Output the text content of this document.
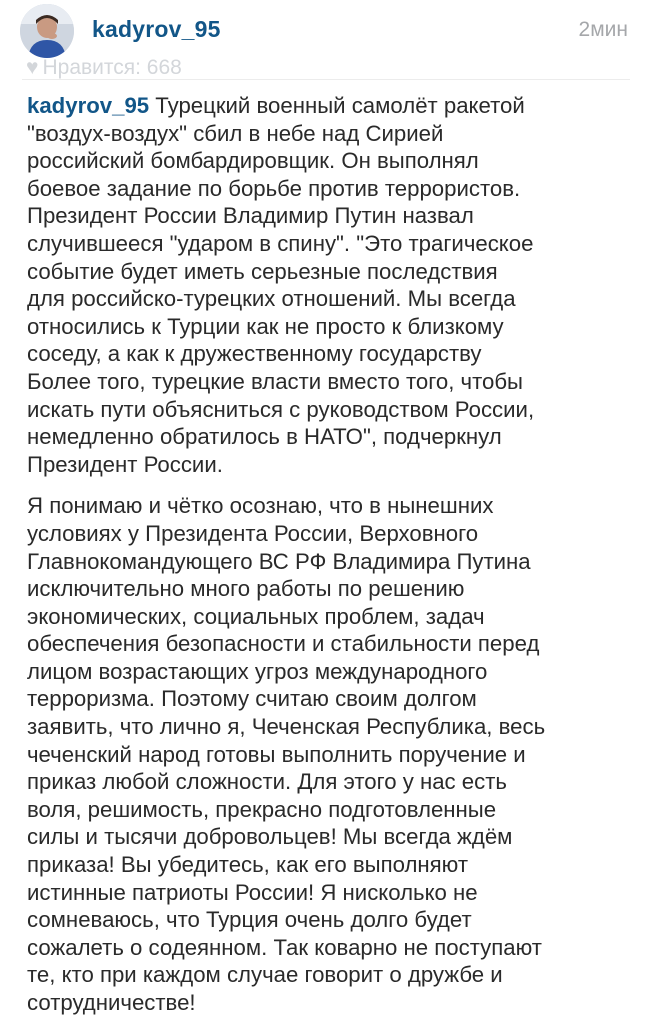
kadyrov_95	2мин
♥ Нравится: 668
kadyrov_95 Турецкий военный самолёт ракетой
"воздух-воздух" сбил в небе над Сирией
российский бомбардировщик. Он выполнял
боевое задание по борьбе против террористов.
Президент России Владимир Путин назвал
случившееся "ударом в спину". "Это трагическое
событие будет иметь серьезные последствия
для российско-турецких отношений. Мы всегда
относились к Турции как не просто к близкому
соседу, а как к дружественному государству
Более того, турецкие власти вместо того, чтобы
искать пути объясниться с руководством России,
немедленно обратилось в НАТО", подчеркнул
Президент России.
Я понимаю и чётко осознаю, что в нынешних
условиях у Президента России, Верховного
Главнокомандующего ВС РФ Владимира Путина
исключительно много работы по решению
экономических, социальных проблем, задач
обеспечения безопасности и стабильности перед
лицом возрастающих угроз международного
терроризма. Поэтому считаю своим долгом
заявить, что лично я, Чеченская Республика, весь
чеченский народ готовы выполнить поручение и
приказ любой сложности. Для этого у нас есть
воля, решимость, прекрасно подготовленные
силы и тысячи добровольцев! Мы всегда ждём
приказа! Вы убедитесь, как его выполняют
истинные патриоты России! Я нисколько не
сомневаюсь, что Турция очень долго будет
сожалеть о содеянном. Так коварно не поступают
те, кто при каждом случае говорит о дружбе и
сотрудничестве!
